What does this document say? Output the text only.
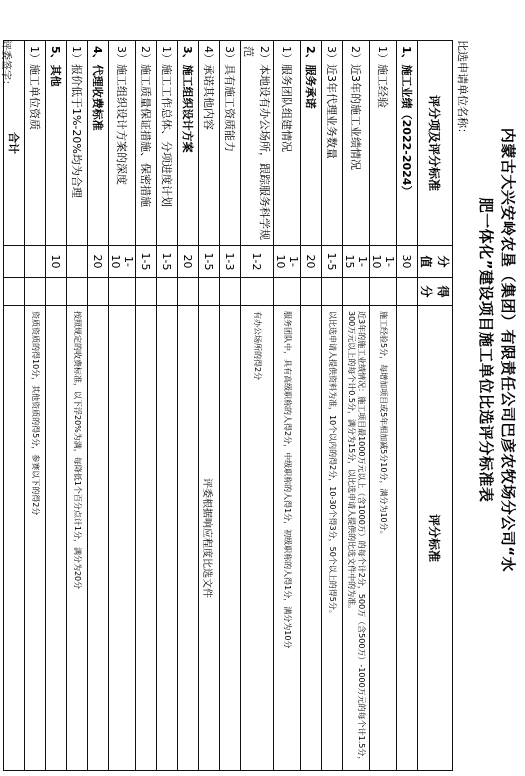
内蒙古大兴安岭农垦（集团）有限责任公司巴彦农牧场分公司“水
肥一体化”建设项目施工单位比选评分标准表
比选申请单位名称：
评分项及评分标准	分值	得分	评分标准
1、施工业绩（2022-2024）	30		
1）施工经验	1-10		施工经验5分，每增加项目或5年相加减5分10分，满分为10分。
2）近3年的施工业绩情况	1-15		近3年的施工业绩情况：施工项目最1000万元以上（含1000万）的每个计2分，500万（含500万）-1000万元的每个计1.5分，300万元以上的每个计0.5分，满分为15分，以比选申请人提供的比选文件中的为准。
3）近3年代理业务数量	1-5		以比选申请人提供资料为准，10个以内的得2分，10-30个得3分，50个以上的得5分。
2、服务承诺	20		
1）服务团队组建情况	1-10		服务团队中，具有高级职称的人得2分，中级职称的人得1分，初级职称的人得1分，满分为10分
2）本地设有办公场所，跟踪服务科学规范	1-2		有办公场所的得2分
3）具有施工资质能力	1-3		
4）承诺其他内容	1-5		评委根据响应程度比选文件
3、施工组织设计方案	20		
1）施工工作总体、分项进度计划	1-5		
2）施工质量保证措施、保密措施	1-5		
3）施工组织设计方案的深度	1-10		
4、代理收费标准	20		
1）报价低于1%-20%均为合理			按照规定的收费标准，以下浮20%为满，每降低1个百分点计1分，满分为20分
5、其他	10		
1）施工单位资质			资质资质的得10分，其他资质的得5分，参赛以下的得2分
合计			
评委签字：
